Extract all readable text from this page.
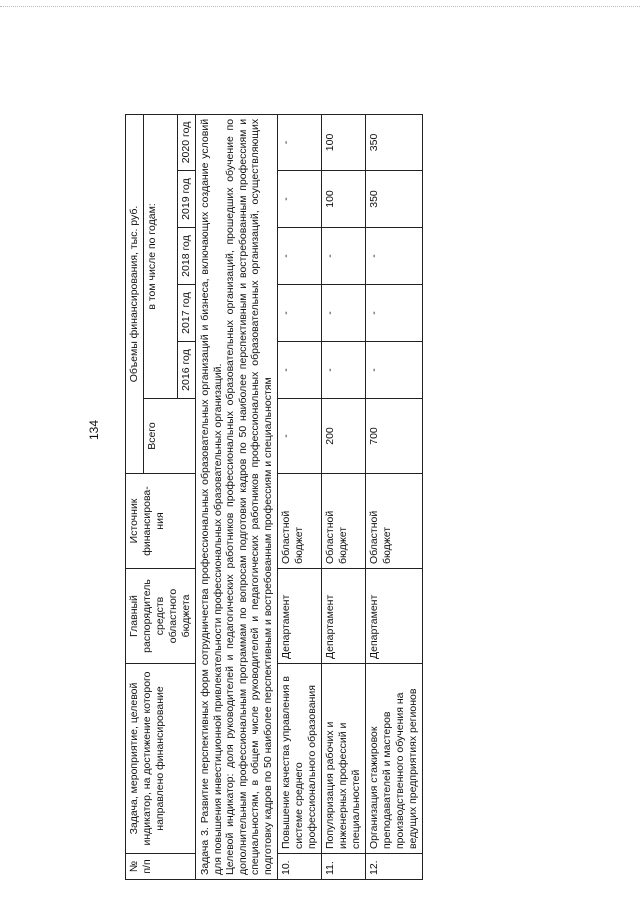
134
№ п/п	Задача, мероприятие, целевой индикатор, на достижение которого направлено финансирование	Главный распорядитель средств областного бюджета	Источник финансирова-ния	Объемы финансирования, тыс. руб.					
				Всего	в том числе по годам:				
					2016 год	2017 год	2018 год	2019 год	2020 год

Задача 3. Развитие перспективных форм сотрудничества профессиональных образовательных организаций и бизнеса, включающих создание условий для повышения инвестиционной привлекательности профессиональных образовательных организаций. Целевой индикатор: доля руководителей и педагогических работников профессиональных образовательных организаций, прошедших обучение по дополнительным профессиональным программам по вопросам подготовки кадров по 50 наиболее перспективным и востребованным профессиям и специальностям, в общем числе руководителей и педагогических работников профессиональных образовательных организаций, осуществляющих подготовку кадров по 50 наиболее перспективным и востребованным профессиям и специальностям									

10.	Повышение качества управления в системе среднего профессионального образования	Департамент	Областной бюджет	-	-	-	-	-	-
11.	Популяризация рабочих и инженерных профессий и специальностей	Департамент	Областной бюджет	200	-	-	-	100	100
12.	Организация стажировок преподавателей и мастеров производственного обучения на ведущих предприятиях регионов	Департамент	Областной бюджет	700	-	-	-	350	350
